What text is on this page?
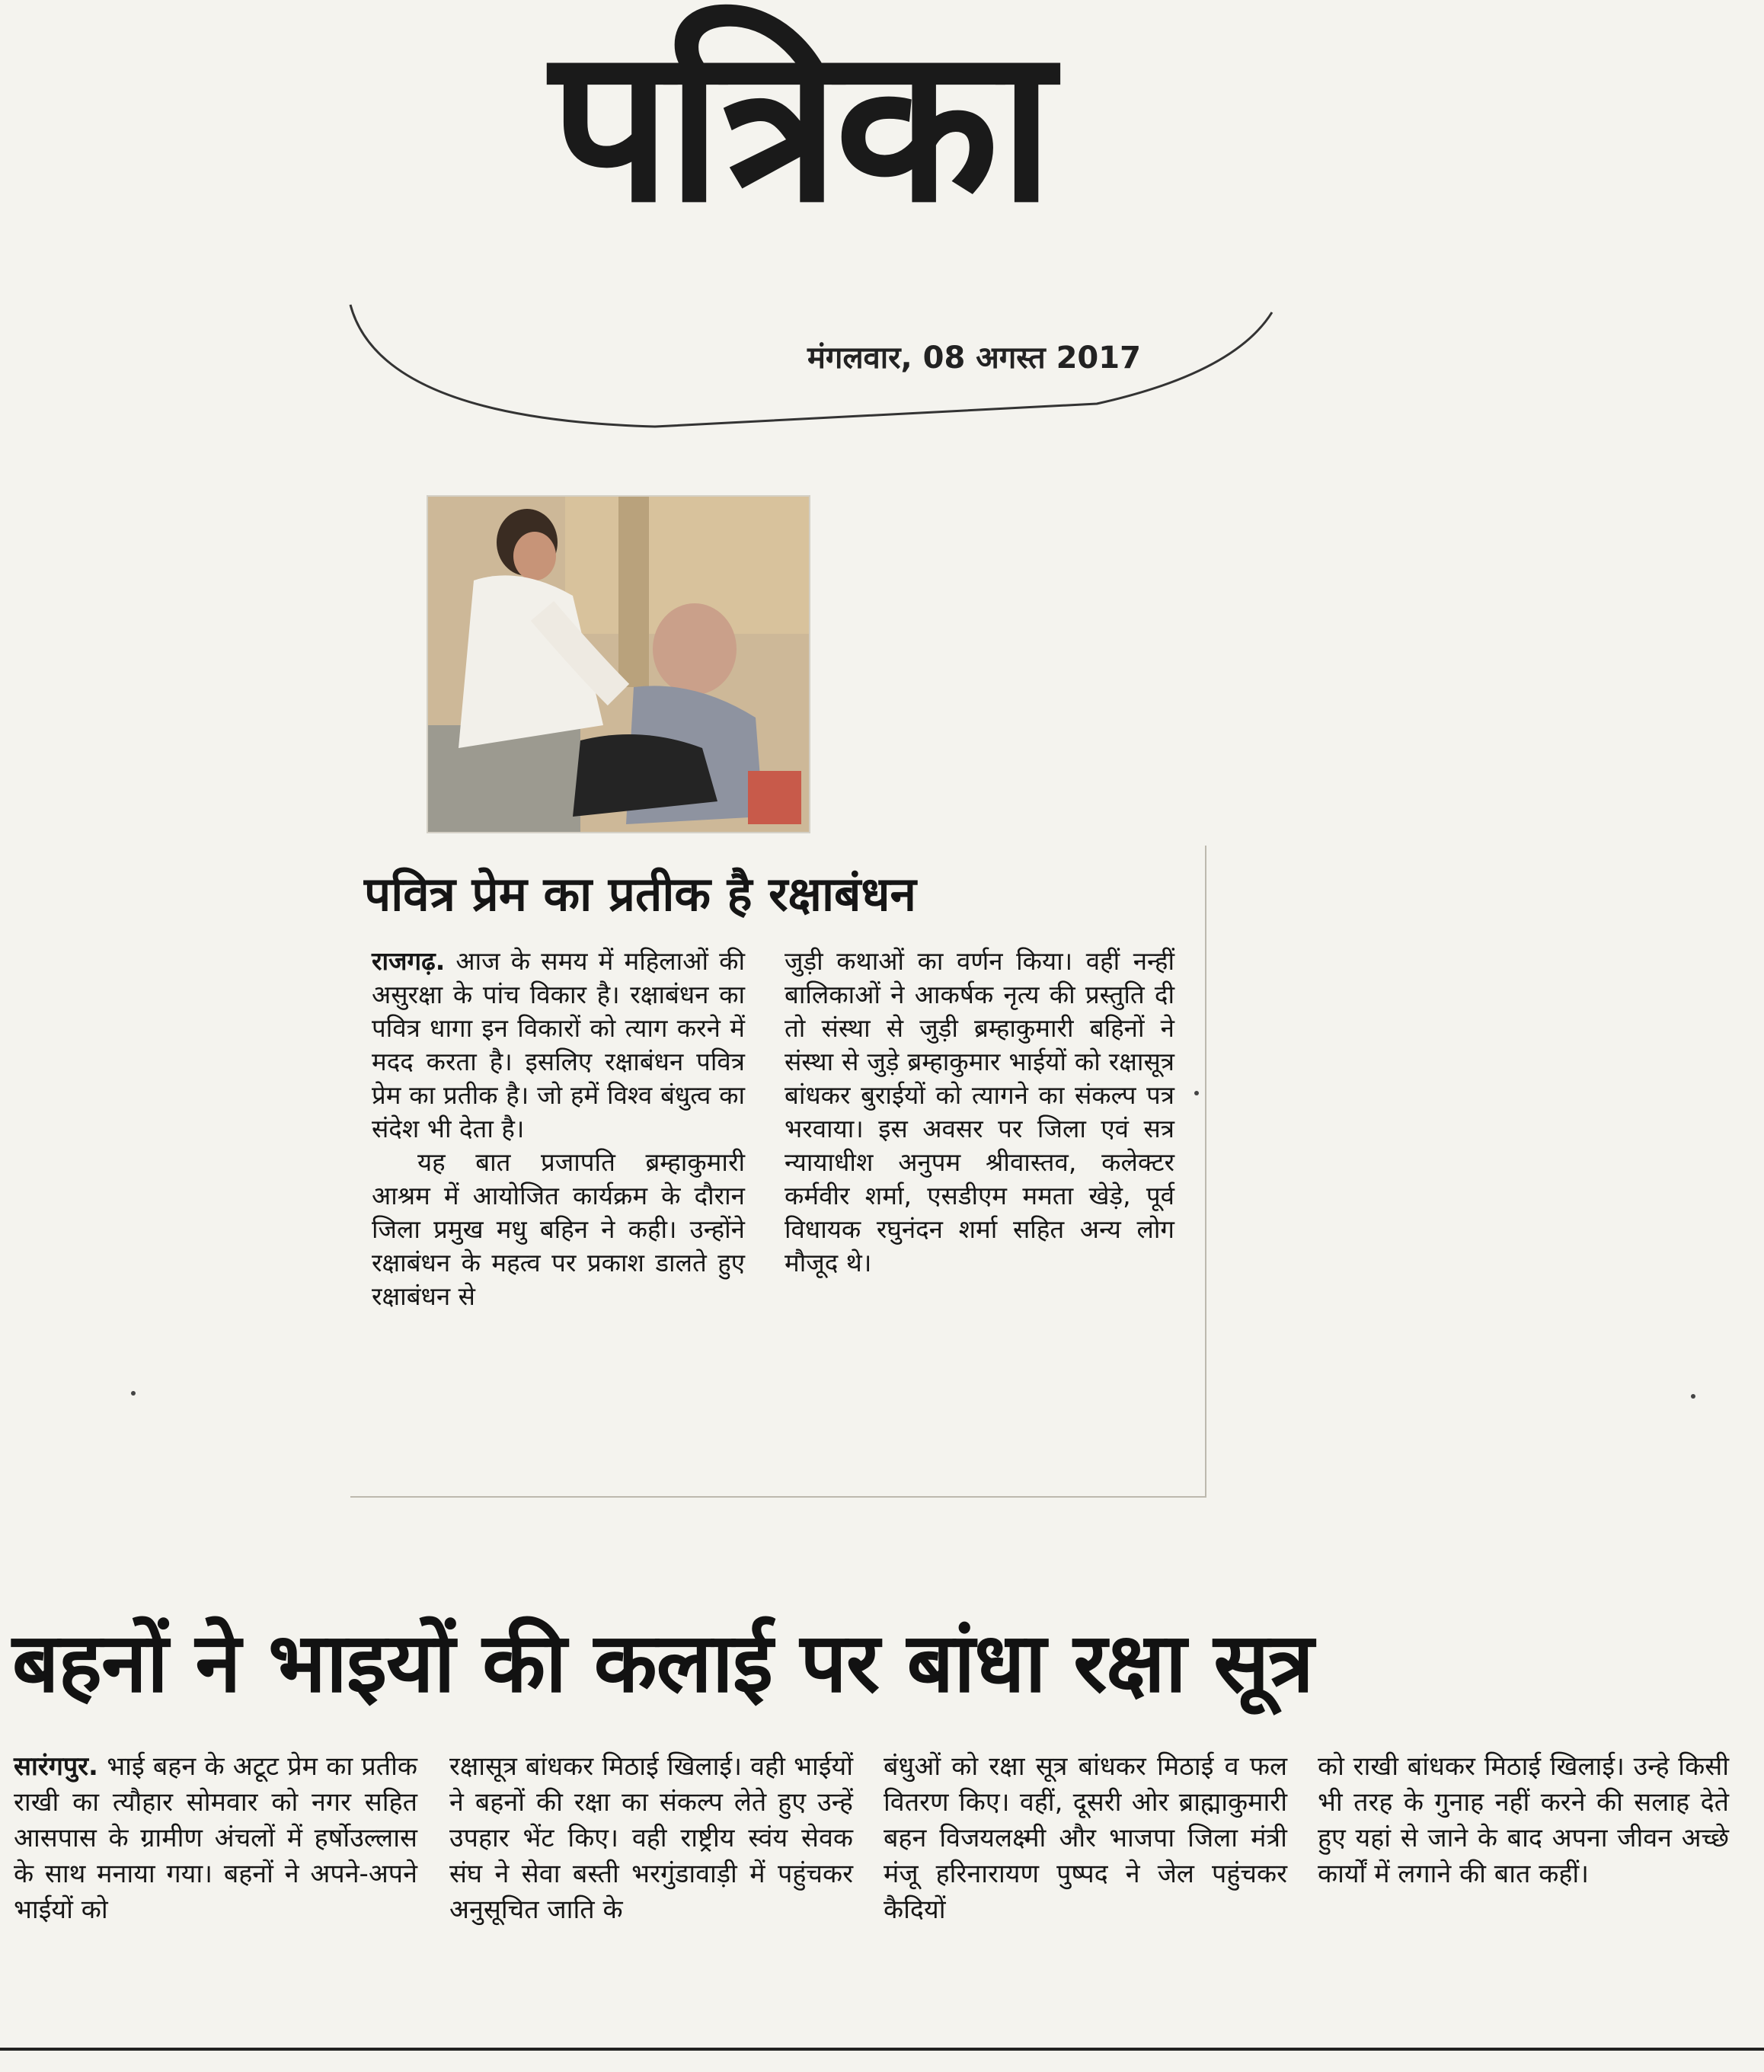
पत्रिका
मंगलवार, 08 अगस्त 2017
पवित्र प्रेम का प्रतीक है रक्षाबंधन

राजगढ़. आज के समय में महिलाओं की असुरक्षा के पांच विकार है। रक्षाबंधन का पवित्र धागा इन विकारों को त्याग करने में मदद करता है। इसलिए रक्षाबंधन पवित्र प्रेम का प्रतीक है। जो हमें विश्व बंधुत्व का संदेश भी देता है।

यह बात प्रजापति ब्रम्हाकुमारी आश्रम में आयोजित कार्यक्रम के दौरान जिला प्रमुख मधु बहिन ने कही। उन्होंने रक्षाबंधन के महत्व पर प्रकाश डालते हुए रक्षाबंधन से

जुड़ी कथाओं का वर्णन किया। वहीं नन्हीं बालिकाओं ने आकर्षक नृत्य की प्रस्तुति दी तो संस्था से जुड़ी ब्रम्हाकुमारी बहिनों ने संस्था से जुड़े ब्रम्हाकुमार भाईयों को रक्षासूत्र बांधकर बुराईयों को त्यागने का संकल्प पत्र भरवाया। इस अवसर पर जिला एवं सत्र न्यायाधीश अनुपम श्रीवास्तव, कलेक्टर कर्मवीर शर्मा, एसडीएम ममता खेड़े, पूर्व विधायक रघुनंदन शर्मा सहित अन्य लोग मौजूद थे।
बहनों ने भाइयों की कलाई पर बांधा रक्षा सूत्र

सारंगपुर. भाई बहन के अटूट प्रेम का प्रतीक राखी का त्यौहार सोमवार को नगर सहित आसपास के ग्रामीण अंचलों में हर्षोउल्लास के साथ मनाया गया। बहनों ने अपने-अपने भाईयों को

रक्षासूत्र बांधकर मिठाई खिलाई। वही भाईयों ने बहनों की रक्षा का संकल्प लेते हुए उन्हें उपहार भेंट किए। वही राष्ट्रीय स्वंय सेवक संघ ने सेवा बस्ती भरगुंडावाड़ी में पहुंचकर अनुसूचित जाति के
बंधुओं को रक्षा सूत्र बांधकर मिठाई व फल वितरण किए। वहीं, दूसरी ओर ब्राह्माकुमारी बहन विजयलक्ष्मी और भाजपा जिला मंत्री मंजू हरिनारायण पुष्पद ने जेल पहुंचकर कैदियों
को राखी बांधकर मिठाई खिलाई। उन्हे किसी भी तरह के गुनाह नहीं करने की सलाह देते हुए यहां से जाने के बाद अपना जीवन अच्छे कार्यों में लगाने की बात कहीं।
